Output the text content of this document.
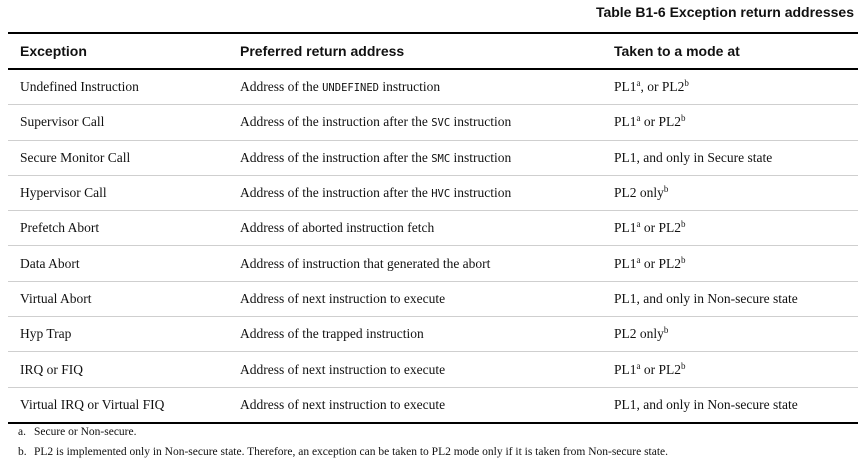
Table B1-6 Exception return addresses
Exception	Preferred return address	Taken to a mode at
Undefined Instruction	Address of the UNDEFINED instruction	PL1$^a$, or PL2$^b$
Supervisor Call	Address of the instruction after the SVC instruction	PL1$^a$ or PL2$^b$
Secure Monitor Call	Address of the instruction after the SMC instruction	PL1, and only in Secure state
Hypervisor Call	Address of the instruction after the HVC instruction	PL2 only$^b$
Prefetch Abort	Address of aborted instruction fetch	PL1$^a$ or PL2$^b$
Data Abort	Address of instruction that generated the abort	PL1$^a$ or PL2$^b$
Virtual Abort	Address of next instruction to execute	PL1, and only in Non-secure state
Hyp Trap	Address of the trapped instruction	PL2 only$^b$
IRQ or FIQ	Address of next instruction to execute	PL1$^a$ or PL2$^b$
Virtual IRQ or Virtual FIQ	Address of next instruction to execute	PL1, and only in Non-secure state
a. Secure or Non-secure.
b. PL2 is implemented only in Non-secure state. Therefore, an exception can be taken to PL2 mode only if it is taken from Non-secure state.
